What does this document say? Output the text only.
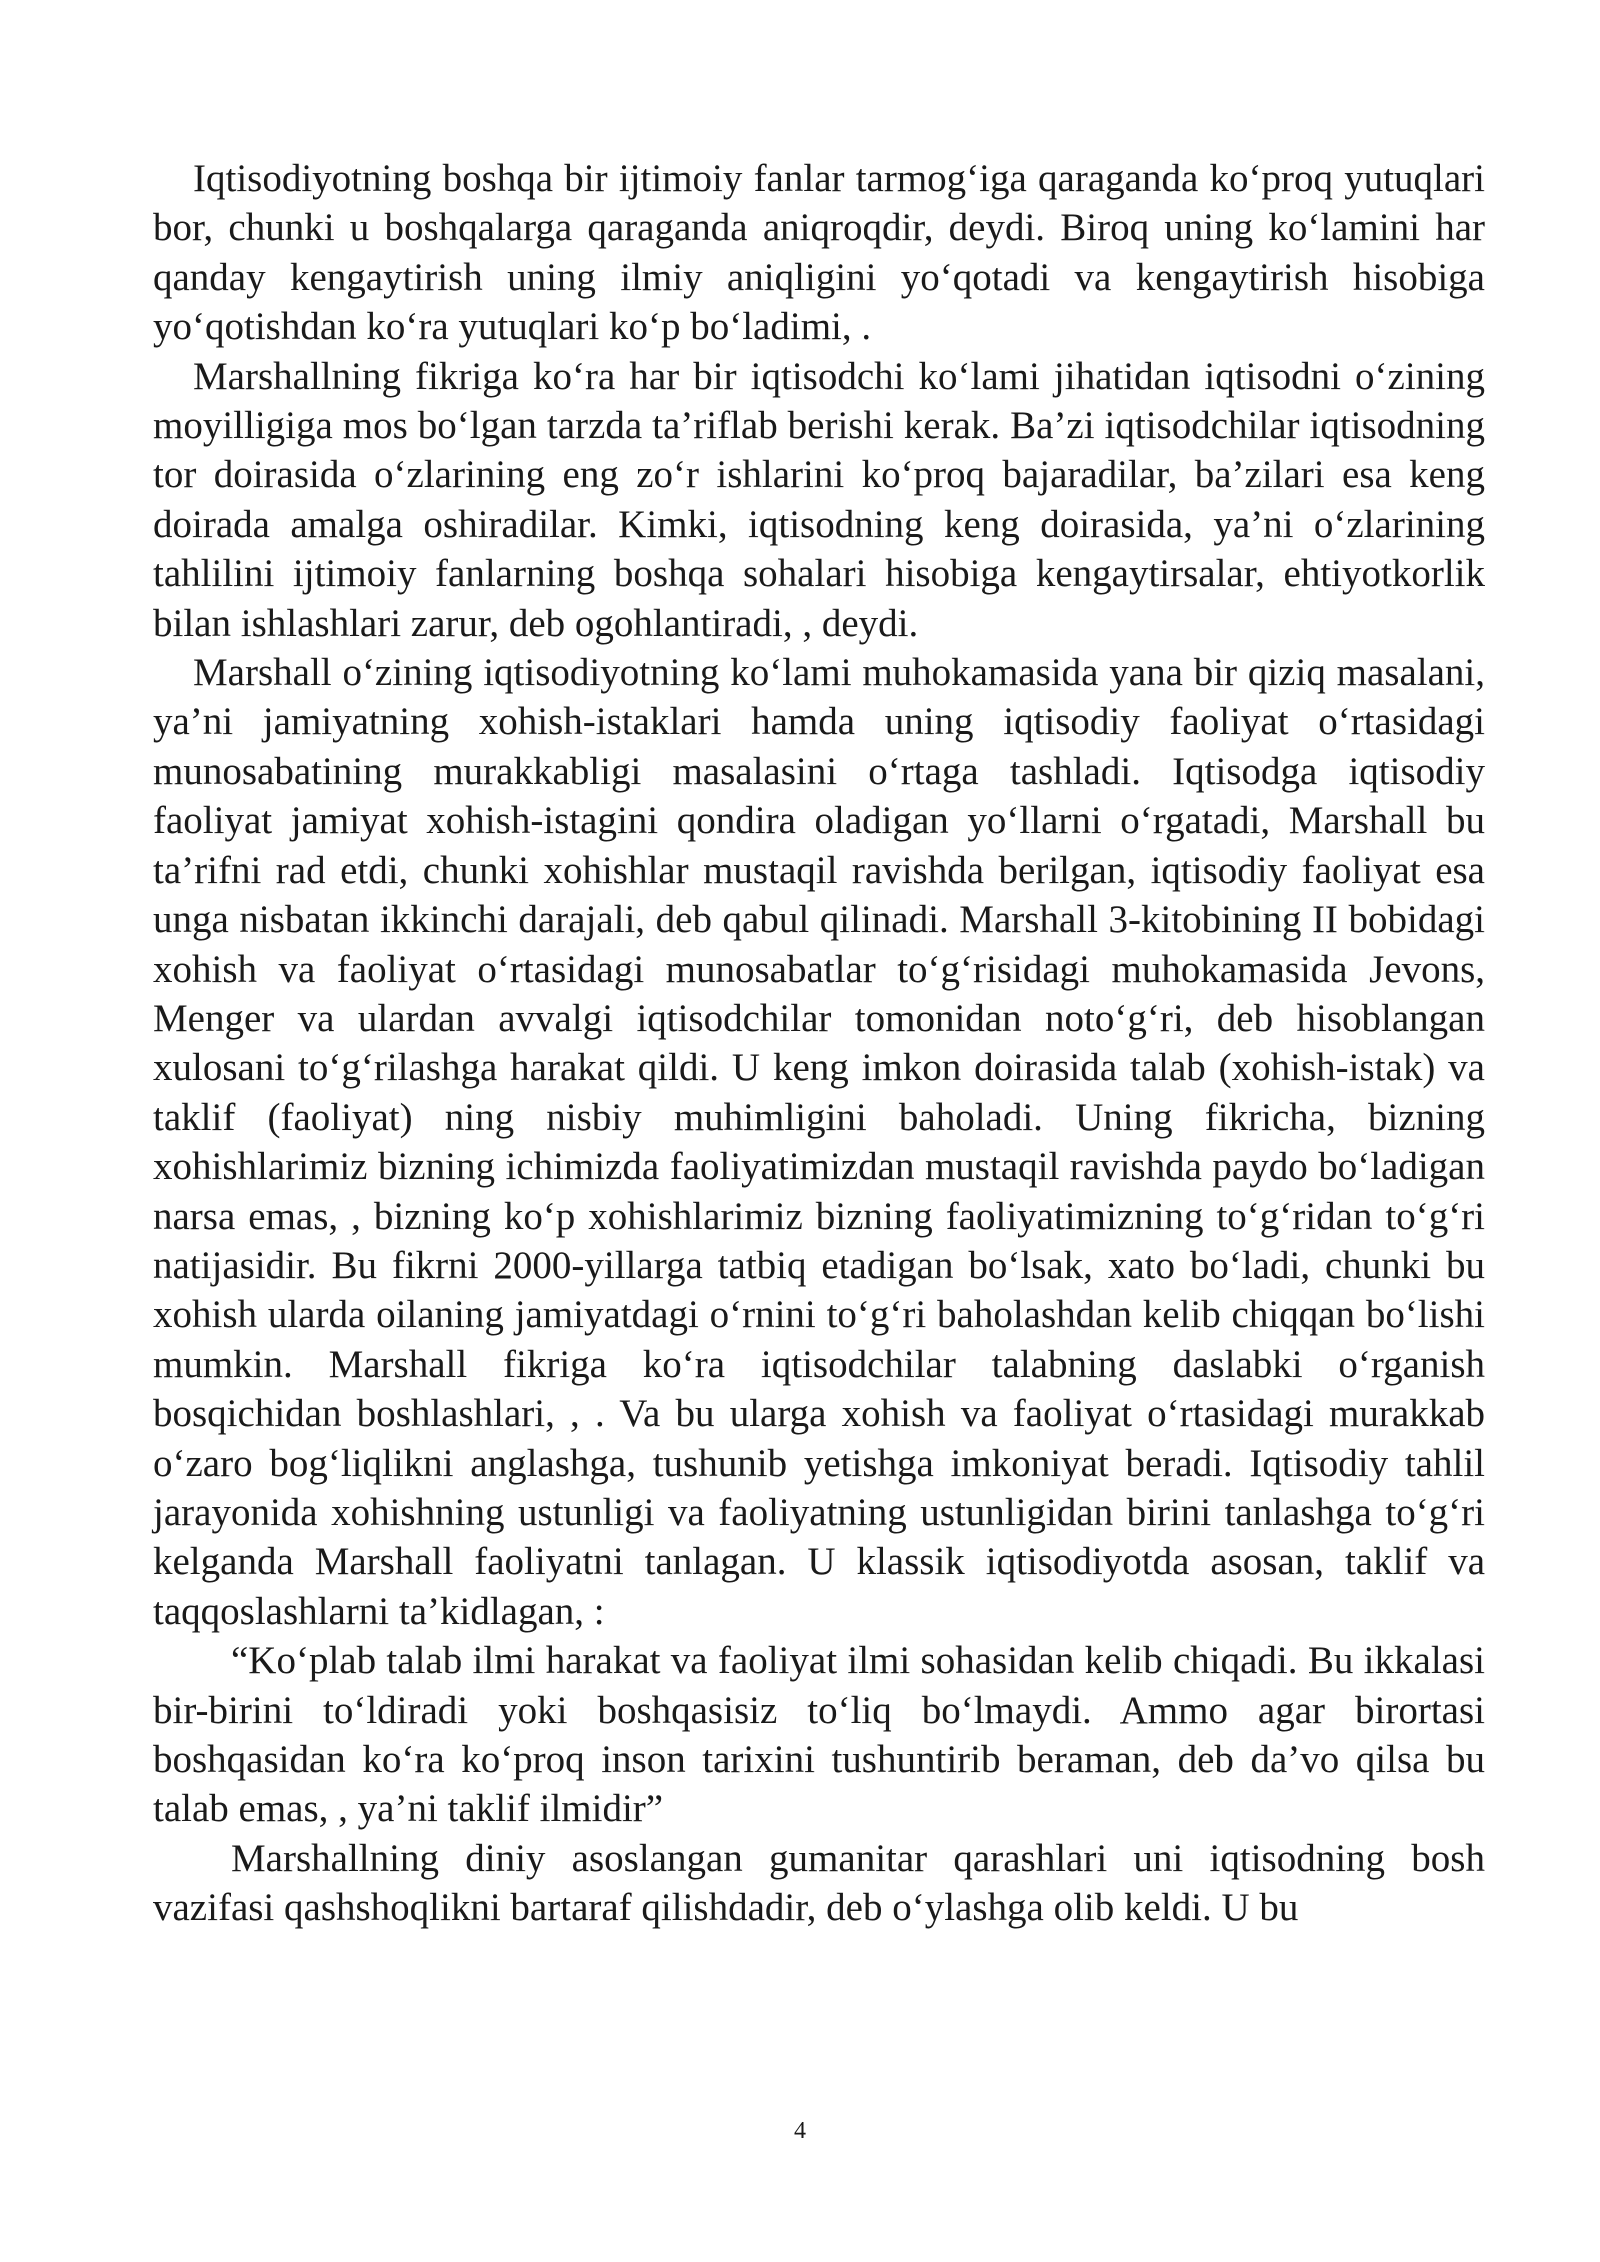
Iqtisodiyotning boshqa bir ijtimoiy fanlar tarmog‘iga qaraganda ko‘proq yutuqlari bor, chunki u boshqalarga qaraganda aniqroqdir, deydi. Biroq uning ko‘lamini har qanday kengaytirish uning ilmiy aniqligini yo‘qotadi va kengaytirish hisobiga yo‘qotishdan ko‘ra yutuqlari ko‘p bo‘ladimi, .

Marshallning fikriga ko‘ra har bir iqtisodchi ko‘lami jihatidan iqtisodni o‘zining moyilligiga mos bo‘lgan tarzda ta’riflab berishi kerak. Ba’zi iqtisodchilar iqtisodning tor doirasida o‘zlarining eng zo‘r ishlarini ko‘proq bajaradilar, ba’zilari esa keng doirada amalga oshiradilar. Kimki, iqtisodning keng doirasida, ya’ni o‘zlarining tahlilini ijtimoiy fanlarning boshqa sohalari hisobiga kengaytirsalar, ehtiyotkorlik bilan ishlashlari zarur, deb ogohlantiradi, , deydi.

Marshall o‘zining iqtisodiyotning ko‘lami muhokamasida yana bir qiziq masalani, ya’ni jamiyatning xohish-istaklari hamda uning iqtisodiy faoliyat o‘rtasidagi munosabatining murakkabligi masalasini o‘rtaga tashladi. Iqtisodga iqtisodiy faoliyat jamiyat xohish-istagini qondira oladigan yo‘llarni o‘rgatadi, Marshall bu ta’rifni rad etdi, chunki xohishlar mustaqil ravishda berilgan, iqtisodiy faoliyat esa unga nisbatan ikkinchi darajali, deb qabul qilinadi. Marshall 3-kitobining II bobidagi xohish va faoliyat o‘rtasidagi munosabatlar to‘g‘risidagi muhokamasida Jevons, Menger va ulardan avvalgi iqtisodchilar tomonidan noto‘g‘ri, deb hisoblangan xulosani to‘g‘rilashga harakat qildi. U keng imkon doirasida talab (xohish-istak) va taklif (faoliyat) ning nisbiy muhimligini baholadi. Uning fikricha, bizning xohishlarimiz bizning ichimizda faoliyatimizdan mustaqil ravishda paydo bo‘ladigan narsa emas, , bizning ko‘p xohishlarimiz bizning faoliyatimizning to‘g‘ridan to‘g‘ri natijasidir. Bu fikrni 2000-yillarga tatbiq etadigan bo‘lsak, xato bo‘ladi, chunki bu xohish ularda oilaning jamiyatdagi o‘rnini to‘g‘ri baholashdan kelib chiqqan bo‘lishi mumkin. Marshall fikriga ko‘ra iqtisodchilar talabning daslabki o‘rganish bosqichidan boshlashlari, , . Va bu ularga xohish va faoliyat o‘rtasidagi murakkab o‘zaro bog‘liqlikni anglashga, tushunib yetishga imkoniyat beradi. Iqtisodiy tahlil jarayonida xohishning ustunligi va faoliyatning ustunligidan birini tanlashga to‘g‘ri kelganda Marshall faoliyatni tanlagan. U klassik iqtisodiyotda asosan, taklif va taqqoslashlarni ta’kidlagan, :

“Ko‘plab talab ilmi harakat va faoliyat ilmi sohasidan kelib chiqadi. Bu ikkalasi bir-birini to‘ldiradi yoki boshqasisiz to‘liq bo‘lmaydi. Ammo agar birortasi boshqasidan ko‘ra ko‘proq inson tarixini tushuntirib beraman, deb da’vo qilsa bu talab emas, , ya’ni taklif ilmidir”

Marshallning diniy asoslangan gumanitar qarashlari uni iqtisodning bosh vazifasi qashshoqlikni bartaraf qilishdadir, deb o‘ylashga olib keldi. U bu

4
